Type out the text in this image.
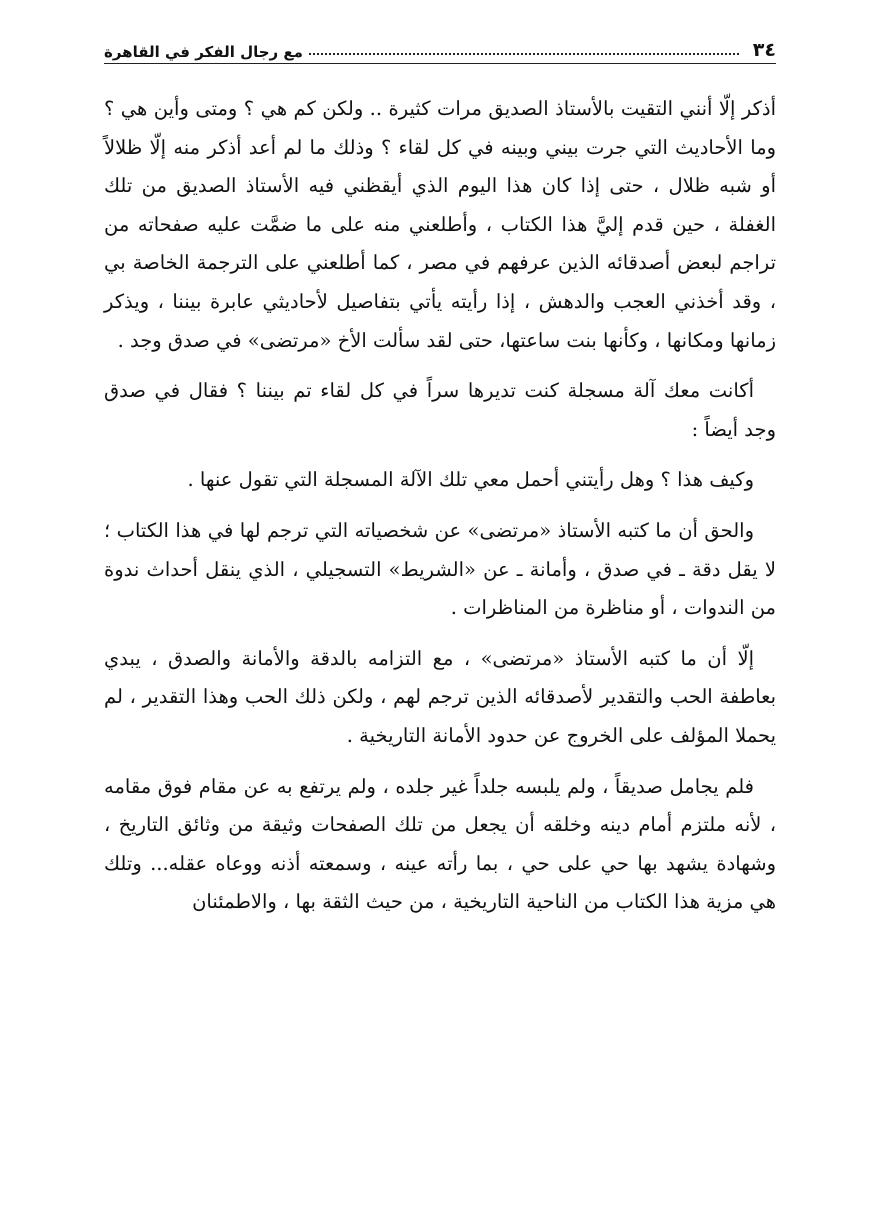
٣٤
مع رجال الفكر في القاهرة

أذكر إلّا أنني التقيت بالأستاذ الصديق مرات كثيرة .. ولكن كم هي ؟ ومتى وأين هي ؟ وما الأحاديث التي جرت بيني وبينه في كل لقاء ؟ وذلك ما لم أعد أذكر منه إلّا ظلالاً أو شبه ظلال ، حتى إذا كان هذا اليوم الذي أيقظني فيه الأستاذ الصديق من تلك الغفلة ، حين قدم إليَّ هذا الكتاب ، وأطلعني منه على ما ضمَّت عليه صفحاته من تراجم لبعض أصدقائه الذين عرفهم في مصر ، كما أطلعني على الترجمة الخاصة بي ، وقد أخذني العجب والدهش ، إذا رأيته يأتي بتفاصيل لأحاديثي عابرة بيننا ، ويذكر زمانها ومكانها ، وكأنها بنت ساعتها، حتى لقد سألت الأخ «مرتضى» في صدق وجد .

أكانت معك آلة مسجلة كنت تديرها سراً في كل لقاء تم بيننا ؟ فقال في صدق وجد أيضاً :

وكيف هذا ؟ وهل رأيتني أحمل معي تلك الآلة المسجلة التي تقول عنها .

والحق أن ما كتبه الأستاذ «مرتضى» عن شخصياته التي ترجم لها في هذا الكتاب ؛ لا يقل دقة ـ في صدق ، وأمانة ـ عن «الشريط» التسجيلي ، الذي ينقل أحداث ندوة من الندوات ، أو مناظرة من المناظرات .

إلّا أن ما كتبه الأستاذ «مرتضى» ، مع التزامه بالدقة والأمانة والصدق ، يبدي بعاطفة الحب والتقدير لأصدقائه الذين ترجم لهم ، ولكن ذلك الحب وهذا التقدير ، لم يحملا المؤلف على الخروج عن حدود الأمانة التاريخية .

فلم يجامل صديقاً ، ولم يلبسه جلداً غير جلده ، ولم يرتفع به عن مقام فوق مقامه ، لأنه ملتزم أمام دينه وخلقه أن يجعل من تلك الصفحات وثيقة من وثائق التاريخ ، وشهادة يشهد بها حي على حي ، بما رأته عينه ، وسمعته أذنه ووعاه عقله... وتلك هي مزية هذا الكتاب من الناحية التاريخية ، من حيث الثقة بها ، والاطمئنان
